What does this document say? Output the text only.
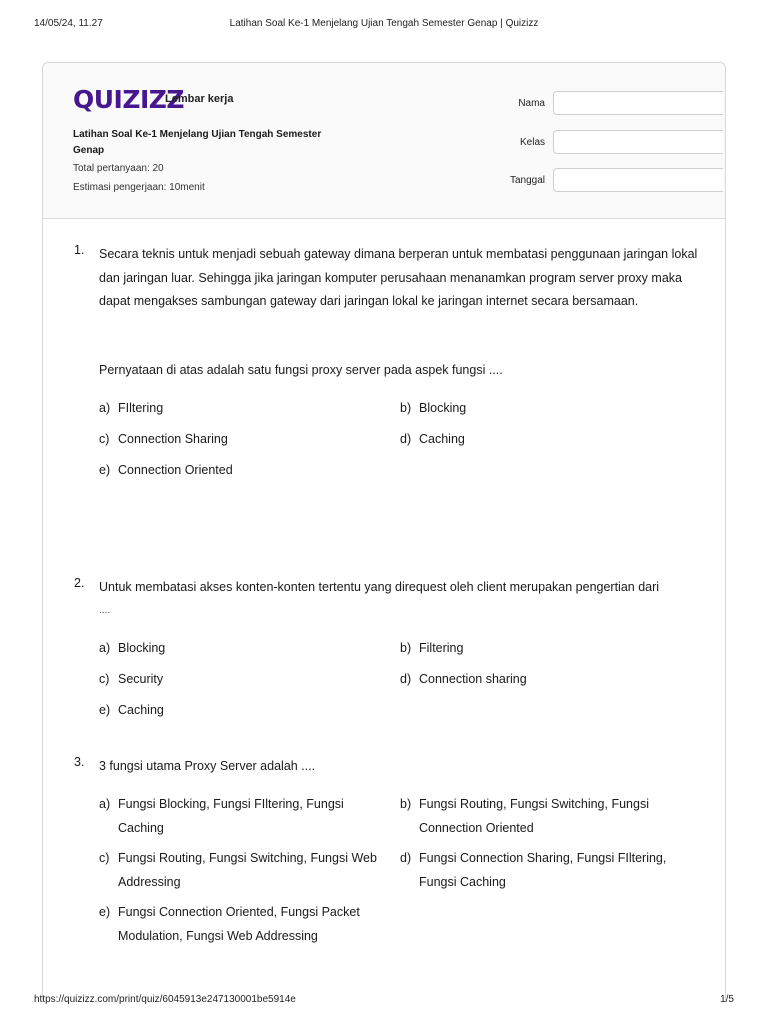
14/05/24, 11.27	Latihan Soal Ke-1 Menjelang Ujian Tengah Semester Genap | Quizizz
QUIZIZZ
Lembar kerja
Latihan Soal Ke-1 Menjelang Ujian Tengah Semester Genap
Total pertanyaan: 20
Estimasi pengerjaan: 10menit
Nama
Kelas
Tanggal
1. Secara teknis untuk menjadi sebuah gateway dimana berperan untuk membatasi penggunaan jaringan lokal dan jaringan luar. Sehingga jika jaringan komputer perusahaan menanamkan program server proxy maka dapat mengakses sambungan gateway dari jaringan lokal ke jaringan internet secara bersamaan.
Pernyataan di atas adalah satu fungsi proxy server pada aspek fungsi ....
a) FIltering	b) Blocking
c) Connection Sharing	d) Caching
e) Connection Oriented
2. Untuk membatasi akses konten-konten tertentu yang direquest oleh client merupakan pengertian dari
....
a) Blocking	b) Filtering
c) Security	d) Connection sharing
e) Caching
3. 3 fungsi utama Proxy Server adalah ....
a) Fungsi Blocking, Fungsi FIltering, Fungsi Caching
b) Fungsi Routing, Fungsi Switching, Fungsi Connection Oriented
c) Fungsi Routing, Fungsi Switching, Fungsi Web Addressing
d) Fungsi Connection Sharing, Fungsi FIltering, Fungsi Caching
e) Fungsi Connection Oriented, Fungsi Packet Modulation, Fungsi Web Addressing
https://quizizz.com/print/quiz/6045913e247130001be5914e	1/5
